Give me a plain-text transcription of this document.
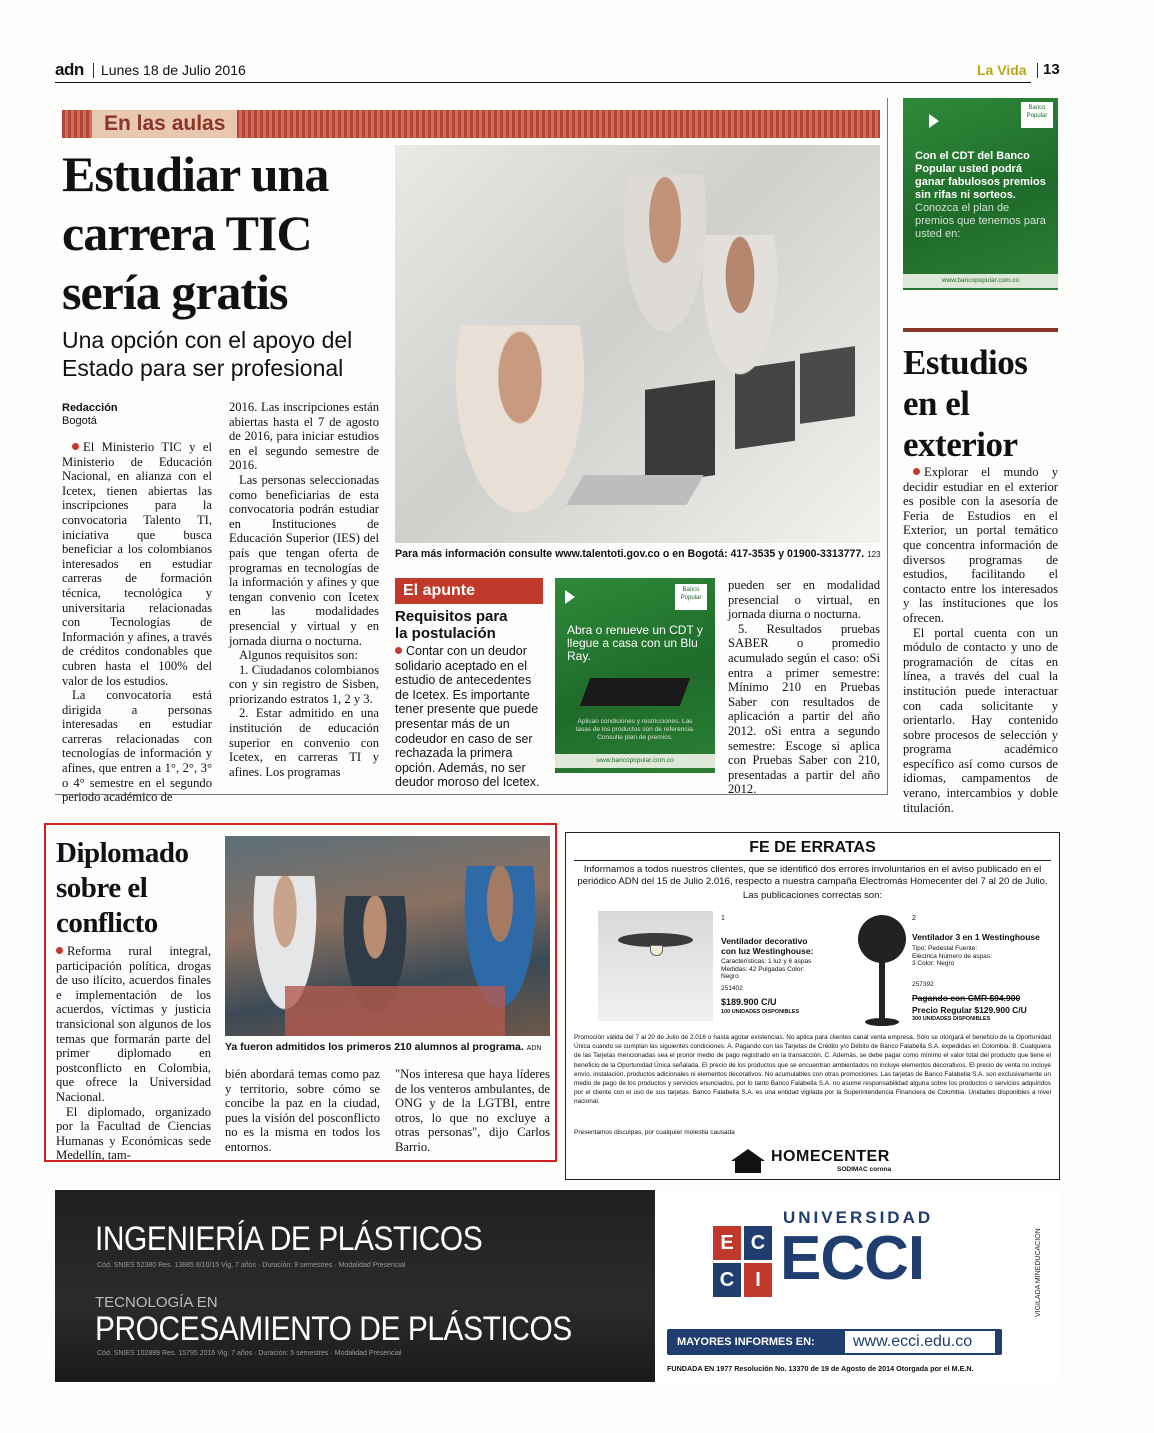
adn Lunes 18 de Julio 2016	La Vida 13
En las aulas
Estudiar una
carrera TIC
sería gratis
Una opción con el apoyo del
Estado para ser profesional
Redacción
Bogotá

El Ministerio TIC y el Ministerio de Educación Nacional, en alianza con el Icetex, tienen abiertas las inscripciones para la convocatoria Talento TI, iniciativa que busca beneficiar a los colombianos interesados en estudiar carreras de formación técnica, tecnológica y universitaria relacionadas con Tecnologías de Información y afines, a través de créditos condonables que cubren hasta el 100% del valor de los estudios.

La convocatoria está dirigida a personas interesadas en estudiar carreras relacionadas con tecnologías de información y afines, que entren a 1°, 2°, 3° o 4° semestre en el segundo periodo académico de

2016. Las inscripciones están abiertas hasta el 7 de agosto de 2016, para iniciar estudios en el segundo semestre de 2016.

Las personas seleccionadas como beneficiarias de esta convocatoria podrán estudiar en Instituciones de Educación Superior (IES) del país que tengan oferta de programas en tecnologías de la información y afines y que tengan convenio con Icetex en las modalidades presencial y virtual y en jornada diurna o nocturna.

Algunos requisitos son:

1. Ciudadanos colombianos con y sin registro de Sisben, priorizando estratos 1, 2 y 3.

2. Estar admitido en una institución de educación superior en convenio con Icetex, en carreras TI y afines. Los programas

Para más información consulte www.talentoti.gov.co o en Bogotá: 417-3535 y 01900-3313777. 123
El apunte
Requisitos para
la postulación
Contar con un deudor solidario aceptado en el estudio de antecedentes de Icetex. Es importante tener presente que puede presentar más de un codeudor en caso de ser rechazada la primera opción. Además, no ser deudor moroso del Icetex.
Banco Popular
Abra o renueve un CDT y llegue a casa con un Blu Ray.
Aplican condiciones y restricciones. Las tasas de los productos son de referencia. Consulte plan de premios.
www.bancopopular.com.co

pueden ser en modalidad presencial o virtual, en jornada diurna o nocturna.

5. Resultados pruebas SABER o promedio acumulado según el caso: oSi entra a primer semestre: Mínimo 210 en Pruebas Saber con resultados de aplicación a partir del año 2012. oSi entra a segundo semestre: Escoge si aplica con Pruebas Saber con 210, presentadas a partir del año 2012.

Banco Popular
Con el CDT del Banco Popular usted podrá ganar fabulosos premios sin rifas ni sorteos. Conozca el plan de premios que tenemos para usted en:
www.bancopopular.com.co
Estudios
en el
exterior

Explorar el mundo y decidir estudiar en el exterior es posible con la asesoría de Feria de Estudios en el Exterior, un portal temático que concentra información de diversos programas de estudios, facilitando el contacto entre los interesados y las instituciones que los ofrecen.

El portal cuenta con un módulo de contacto y uno de programación de citas en línea, a través del cual la institución puede interactuar con cada solicitante y orientarlo. Hay contenido sobre procesos de selección y programa académico específico así como cursos de idiomas, campamentos de verano, intercambios y doble titulación.

Diplomado
sobre el
conflicto

Reforma rural integral, participación política, drogas de uso ilícito, acuerdos finales e implementación de los acuerdos, víctimas y justicia transicional son algunos de los temas que formarán parte del primer diplomado en postconflicto en Colombia, que ofrece la Universidad Nacional.

El diplomado, organizado por la Facultad de Ciencias Humanas y Económicas sede Medellín, tam-

Ya fueron admitidos los primeros 210 alumnos al programa. ADN
bién abordará temas como paz y territorio, sobre cómo se concibe la paz en la ciudad, pues la visión del posconflicto no es la misma en todos los entornos.
"Nos interesa que haya líderes de los venteros ambulantes, de ONG y de la LGTBI, entre otros, lo que no excluye a otras personas", dijo Carlos Barrio.
FE DE ERRATAS
Informamos a todos nuestros clientes, que se identificó dos errores involuntarios en el aviso publicado en el periódico ADN del 15 de Julio 2.016, respecto a nuestra campaña Electromás Homecenter del 7 al 20 de Julio.
Las publicaciones correctas son:
1
Ventilador decorativo con luz Westinghouse:
Características: 1 luz y 6 aspas Medidas: 42 Pulgadas Color: Negro
251402
$189.900 C/U
100 UNIDADES DISPONIBLES
2
Ventilador 3 en 1 Westinghouse
Tipo: Pedestal Fuente: Eléctrica Número de aspas: 3 Color: Negro
257392
Pagando con CMR $94.900
Precio Regular $129.900 C/U
300 UNIDADES DISPONIBLES
Promoción válida del 7 al 20 de Julio de 2.016 o hasta agotar existencias. No aplica para clientes canal venta empresa. Sólo se otorgará el beneficio de la Oportunidad Única cuando se cumplan las siguientes condiciones: A. Pagando con las Tarjetas de Crédito y/o Débito de Banco Falabella S.A. expedidas en Colombia. B. Cualquiera de las Tarjetas mencionadas sea el pronor medio de pago registrado en la transacción. C. Además, se debe pagar como mínimo el valor total del producto que tiene el beneficio de la Oportunidad Única señalada. El precio de los productos que se encuentran ambientados no incluye elementos decorativos. El precio de venta no incluye envío, instalación, productos adicionales ni elementos decorativos. No acumulables con otras promociones. Las tarjetas de Banco Falabella S.A. son exclusivamente un medio de pago de los productos y servicios enunciados, por lo tanto Banco Falabella S.A. no asume responsabilidad alguna sobre los productos o servicios adquiridos por el cliente con el uso de sus tarjetas. Banco Falabella S.A. es una entidad vigilada por la Superintendencia Financiera de Colombia. Unidades disponibles a nivel nacional.
Presentamos disculpas, por cualquier molestia causada
HOMECENTER
SODIMAC corona
INGENIERÍA DE PLÁSTICOS
Cód. SNIES 52380 Res. 13885 8/10/15 Vig. 7 años · Duración: 9 semestres · Modalidad Presencial
TECNOLOGÍA EN
PROCESAMIENTO DE PLÁSTICOS
Cód. SNIES 102889 Res. 15795 2016 Vig. 7 años · Duración: 5 semestres · Modalidad Presencial
E C
C	I
UNIVERSIDAD
ECCI	VIGILADA MINEDUCACIÓN
MAYORES INFORMES EN:	www.ecci.edu.co
FUNDADA EN 1977 Resolución No. 13370 de 19 de Agosto de 2014 Otorgada por el M.E.N.
